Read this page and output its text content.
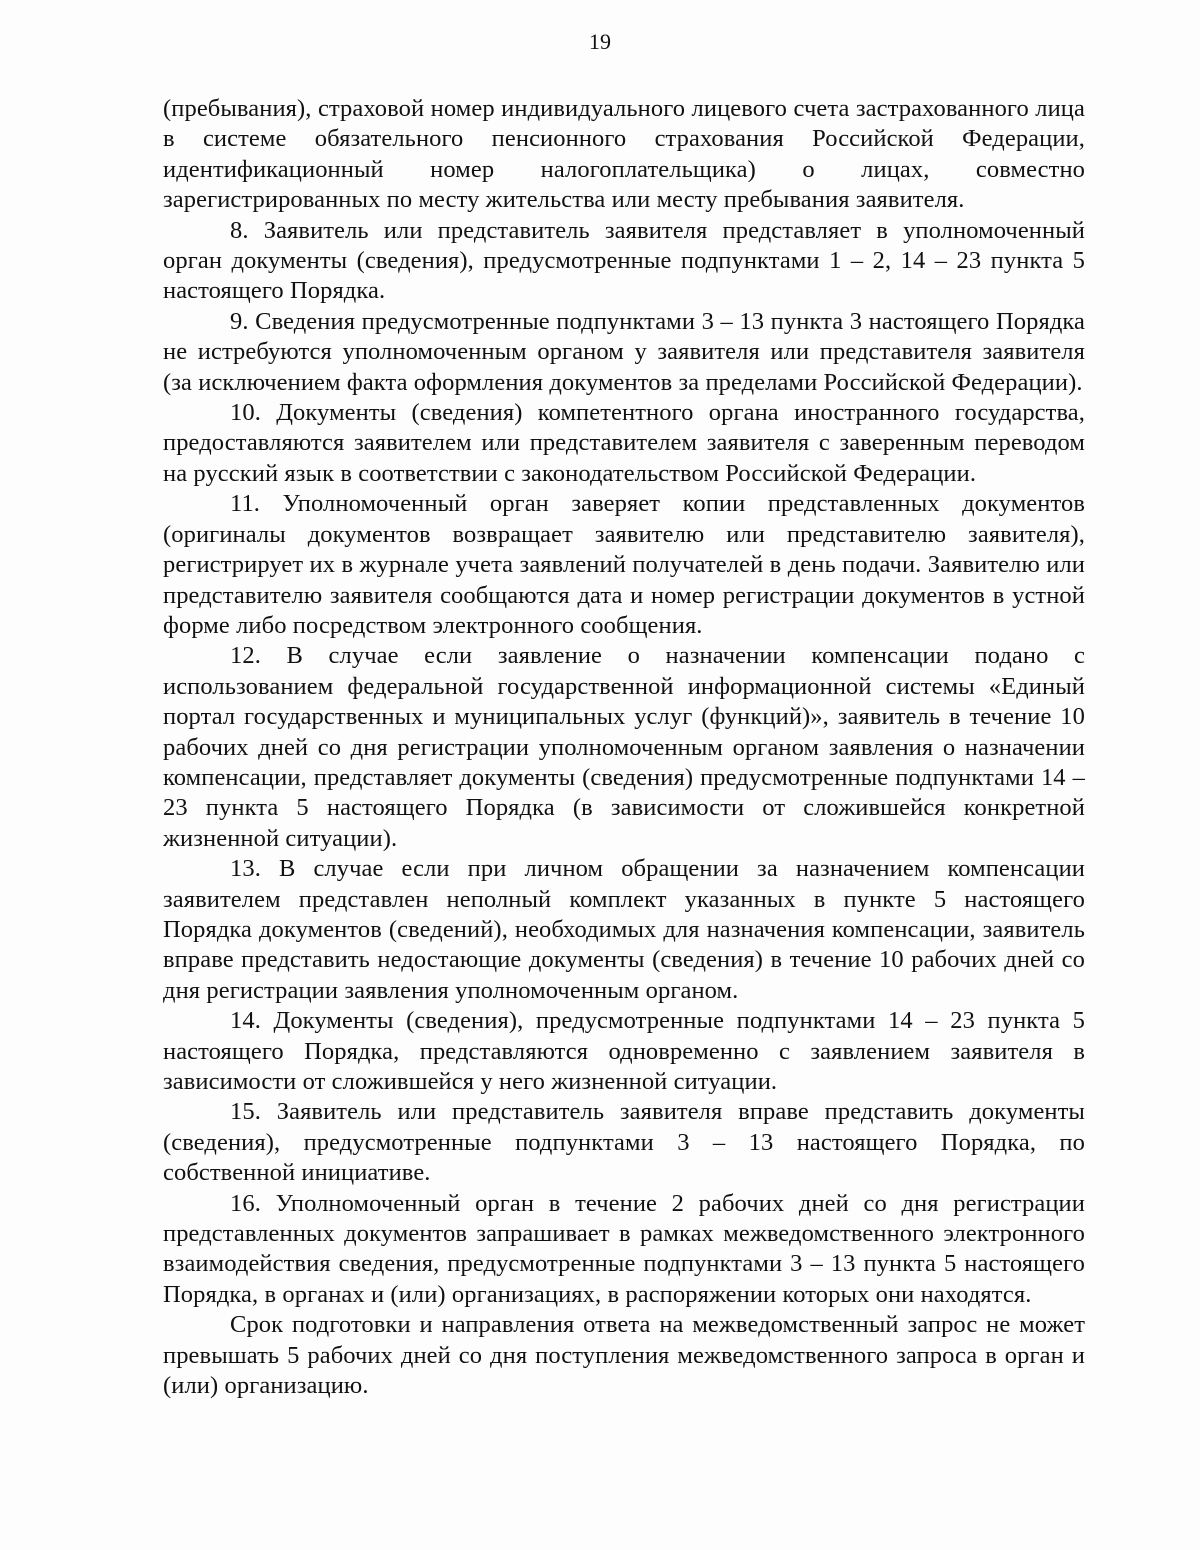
19

(пребывания), страховой номер индивидуального лицевого счета застрахованного лица в системе обязательного пенсионного страхования Российской Федерации, идентификационный номер налогоплательщика) о лицах, совместно зарегистрированных по месту жительства или месту пребывания заявителя.

8. Заявитель или представитель заявителя представляет в уполномоченный орган документы (сведения), предусмотренные подпунктами 1 – 2, 14 – 23 пункта 5 настоящего Порядка.

9. Сведения предусмотренные подпунктами 3 – 13 пункта 3 настоящего Порядка не истребуются уполномоченным органом у заявителя или представителя заявителя (за исключением факта оформления документов за пределами Российской Федерации).

10. Документы (сведения) компетентного органа иностранного государства, предоставляются заявителем или представителем заявителя с заверенным переводом на русский язык в соответствии с законодательством Российской Федерации.

11. Уполномоченный орган заверяет копии представленных документов (оригиналы документов возвращает заявителю или представителю заявителя), регистрирует их в журнале учета заявлений получателей в день подачи. Заявителю или представителю заявителя сообщаются дата и номер регистрации документов в устной форме либо посредством электронного сообщения.

12. В случае если заявление о назначении компенсации подано с использованием федеральной государственной информационной системы «Единый портал государственных и муниципальных услуг (функций)», заявитель в течение 10 рабочих дней со дня регистрации уполномоченным органом заявления о назначении компенсации, представляет документы (сведения) предусмотренные подпунктами 14 – 23 пункта 5 настоящего Порядка (в зависимости от сложившейся конкретной жизненной ситуации).

13. В случае если при личном обращении за назначением компенсации заявителем представлен неполный комплект указанных в пункте 5 настоящего Порядка документов (сведений), необходимых для назначения компенсации, заявитель вправе представить недостающие документы (сведения) в течение 10 рабочих дней со дня регистрации заявления уполномоченным органом.

14. Документы (сведения), предусмотренные подпунктами 14 – 23 пункта 5 настоящего Порядка, представляются одновременно с заявлением заявителя в зависимости от сложившейся у него жизненной ситуации.

15. Заявитель или представитель заявителя вправе представить документы (сведения), предусмотренные подпунктами 3 – 13 настоящего Порядка, по собственной инициативе.

16. Уполномоченный орган в течение 2 рабочих дней со дня регистрации представленных документов запрашивает в рамках межведомственного электронного взаимодействия сведения, предусмотренные подпунктами 3 – 13 пункта 5 настоящего Порядка, в органах и (или) организациях, в распоряжении которых они находятся.

Срок подготовки и направления ответа на межведомственный запрос не может превышать 5 рабочих дней со дня поступления межведомственного запроса в орган и (или) организацию.
